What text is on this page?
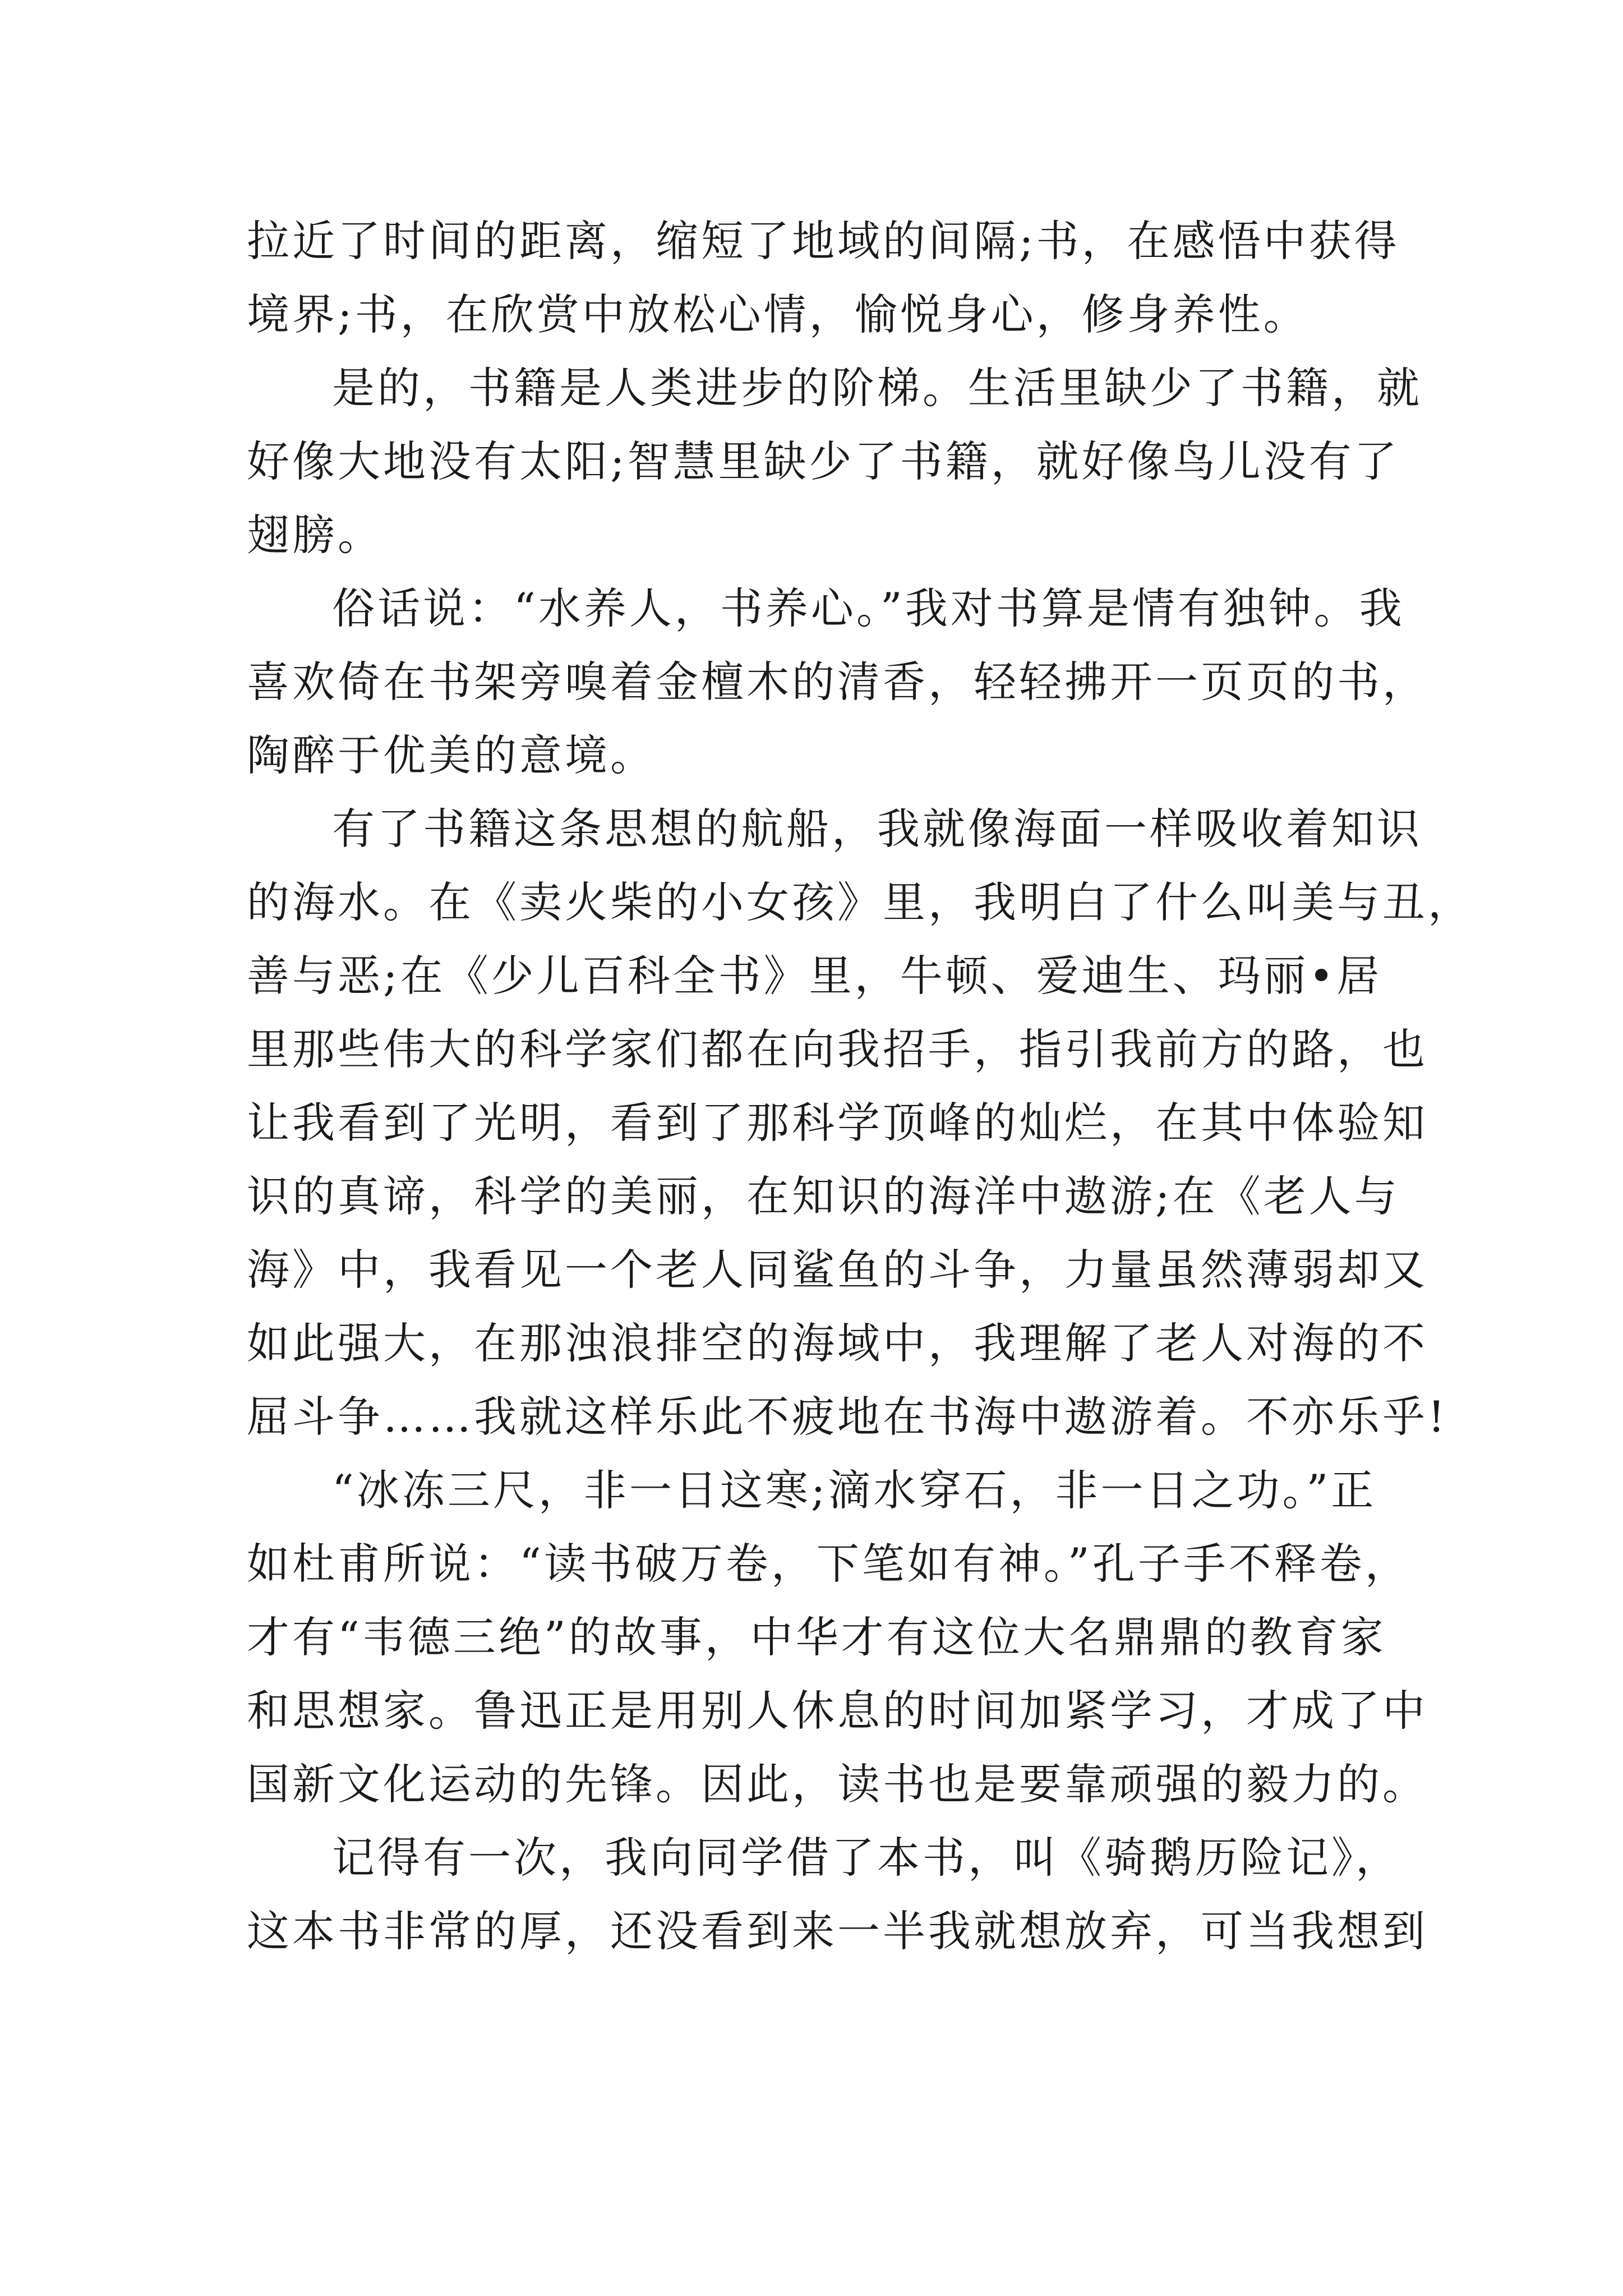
拉近了时间的距离，缩短了地域的间隔;书，在感悟中获得
境界;书，在欣赏中放松心情，愉悦身心，修身养性。
是的，书籍是人类进步的阶梯。生活里缺少了书籍，就
好像大地没有太阳;智慧里缺少了书籍，就好像鸟儿没有了
翅膀。
俗话说：“水养人，书养心。”我对书算是情有独钟。我
喜欢倚在书架旁嗅着金檀木的清香，轻轻拂开一页页的书，
陶醉于优美的意境。
有了书籍这条思想的航船，我就像海面一样吸收着知识
的海水。在《卖火柴的小女孩》里，我明白了什么叫美与丑，
善与恶;在《少儿百科全书》里，牛顿、爱迪生、玛丽•居
里那些伟大的科学家们都在向我招手，指引我前方的路，也
让我看到了光明，看到了那科学顶峰的灿烂，在其中体验知
识的真谛，科学的美丽，在知识的海洋中遨游;在《老人与
海》中，我看见一个老人同鲨鱼的斗争，力量虽然薄弱却又
如此强大，在那浊浪排空的海域中，我理解了老人对海的不
屈斗争……我就这样乐此不疲地在书海中遨游着。不亦乐乎!
“冰冻三尺，非一日这寒;滴水穿石，非一日之功。”正
如杜甫所说：“读书破万卷，下笔如有神。”孔子手不释卷，
才有“韦德三绝”的故事，中华才有这位大名鼎鼎的教育家
和思想家。鲁迅正是用别人休息的时间加紧学习，才成了中
国新文化运动的先锋。因此，读书也是要靠顽强的毅力的。
记得有一次，我向同学借了本书，叫《骑鹅历险记》，
这本书非常的厚，还没看到来一半我就想放弃，可当我想到
